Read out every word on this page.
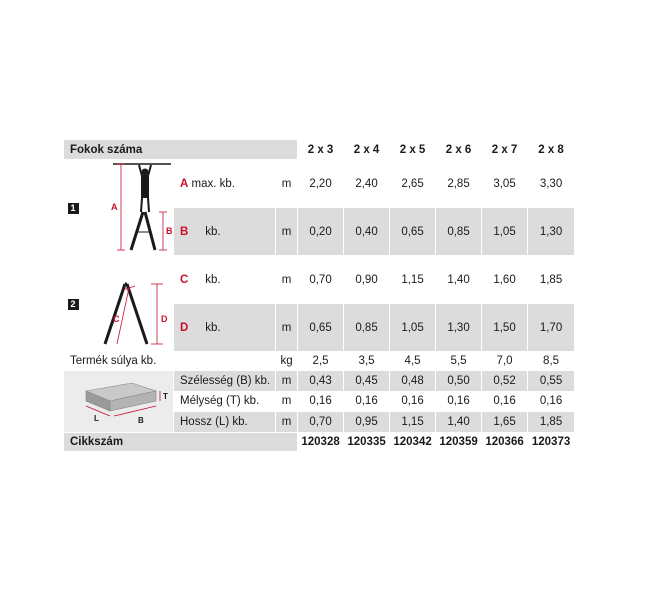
Fokok száma				2 x 3	2 x 4	2 x 5	2 x 6	2 x 7	2 x 8
1	A
B	A max. kb.	m	2,20	2,40	2,65	2,85	3,05	3,30
		B kb.	m	0,20	0,40	0,65	0,85	1,05	1,30
2	C D	C kb.	m	0,70	0,90	1,15	1,40	1,60	1,85
		D kb.	m	0,65	0,85	1,05	1,30	1,50	1,70
Termék súlya kb.			kg	2,5	3,5	4,5	5,5	7,0	8,5

T
L B		Szélesség (B) kb.	m	0,43	0,45	0,48	0,50	0,52	0,55
		Mélység (T) kb.	m	0,16	0,16	0,16	0,16	0,16	0,16
		Hossz (L) kb.	m	0,70	0,95	1,15	1,40	1,65	1,85
Cikkszám				120328	120335	120342	120359	120366	120373
